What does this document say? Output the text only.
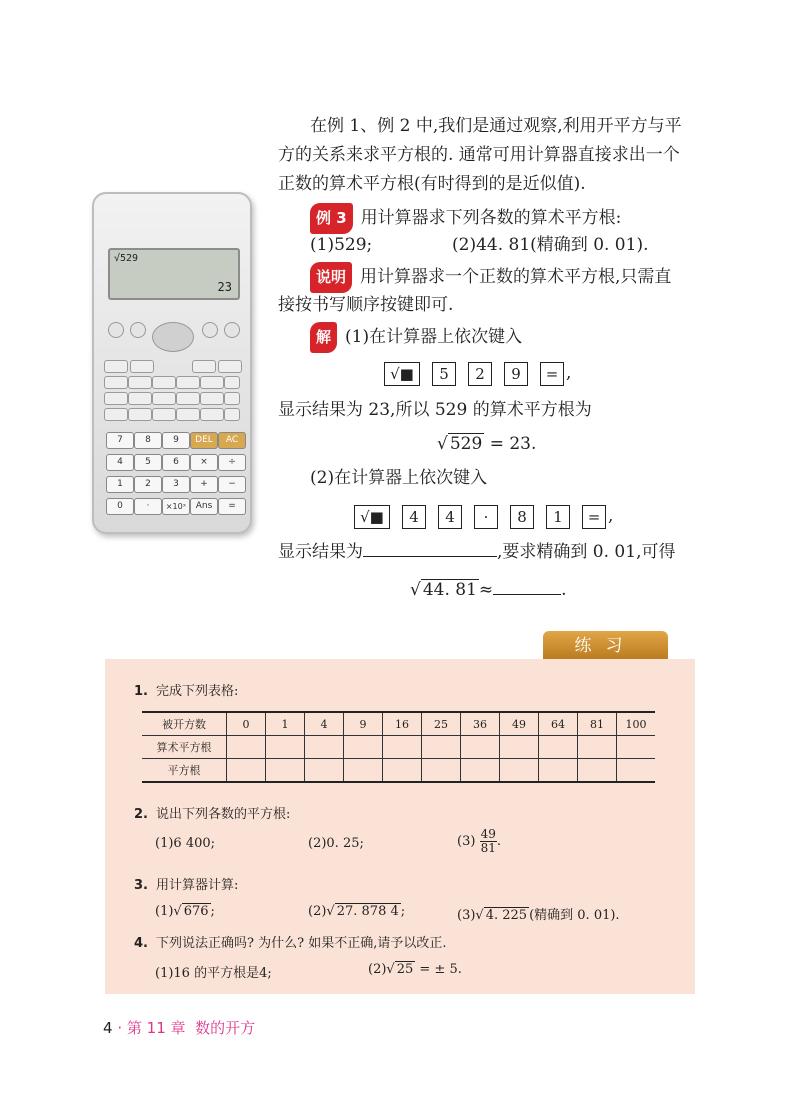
在例 1、例 2 中,我们是通过观察,利用开平方与平
方的关系来求平方根的. 通常可用计算器直接求出一个
正数的算术平方根(有时得到的是近似值).
例 3 用计算器求下列各数的算术平方根:
(1)529;	(2)44. 81(精确到 0. 01).
说明 用计算器求一个正数的算术平方根,只需直
接按书写顺序按键即可.
解 (1)在计算器上依次键入
√■ 5 2 9 = ,
显示结果为 23,所以 529 的算术平方根为
√ 529 = 23.
(2)在计算器上依次键入
√■ 4 4 · 8 1 = ,
显示结果为	,要求精确到 0. 01,可得
√ 44. 81 ≈	.
√529
23
7	8	9	DEL	AC
4	5	6	×	÷
1	2	3	+	−
0	·	×10ˣ	Ans	=
练习
1. 完成下列表格:
被开方数	0	1	4	9	16	25	36	49	64	81	100
算术平方根											
平方根											
2. 说出下列各数的平方根:
(1)6 400;	(2)0. 25;	$(3) \frac{49}{81}$ .
3. 用计算器计算:
(1)√ 676 ;	(2)√ 27. 878 4 ;	(3)√ 4. 225 (精确到 0. 01).
4. 下列说法正确吗? 为什么? 如果不正确,请予以改正.
(1)16 的平方根是4;	(2)√ 25 = ± 5.
4 · 第 11 章 数的开方
